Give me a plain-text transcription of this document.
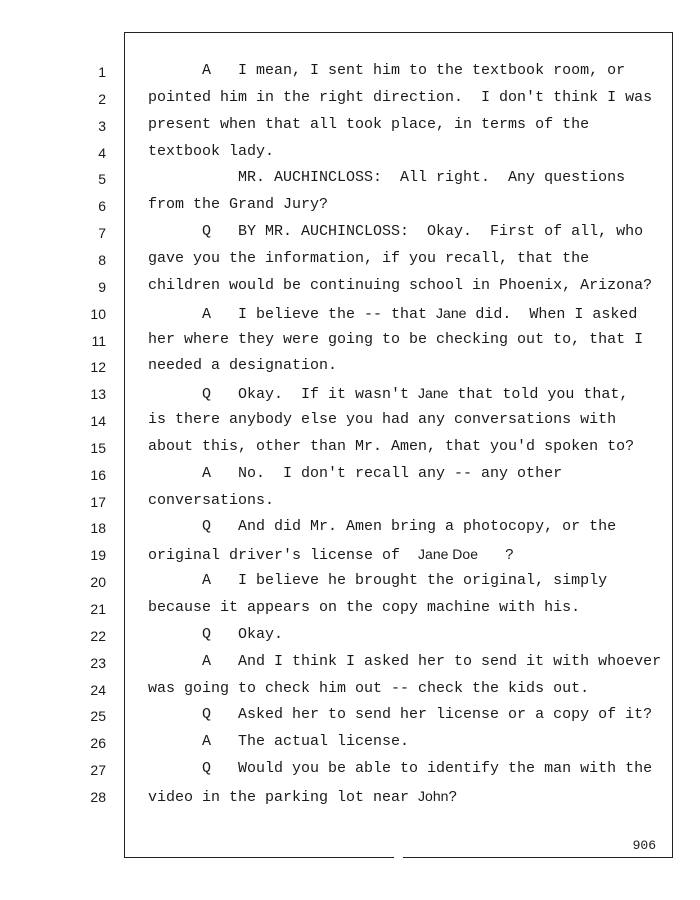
1	A   I mean, I sent him to the textbook room, or
2	pointed him in the right direction.  I don't think I was
3	present when that all took place, in terms of the
4	textbook lady.
5	MR. AUCHINCLOSS:  All right.  Any questions
6	from the Grand Jury?
7	Q   BY MR. AUCHINCLOSS:  Okay.  First of all, who
8	gave you the information, if you recall, that the
9	children would be continuing school in Phoenix, Arizona?
10	A   I believe the -- that Jane did.  When I asked
11	her where they were going to be checking out to, that I
12	needed a designation.
13	Q   Okay.  If it wasn't Jane that told you that,
14	is there anybody else you had any conversations with
15	about this, other than Mr. Amen, that you'd spoken to?
16	A   No.  I don't recall any -- any other
17	conversations.
18	Q   And did Mr. Amen bring a photocopy, or the
19	original driver's license of  Jane Doe   ?
20	A   I believe he brought the original, simply
21	because it appears on the copy machine with his.
22	Q   Okay.
23	A   And I think I asked her to send it with whoever
24	was going to check him out -- check the kids out.
25	Q   Asked her to send her license or a copy of it?
26	A   The actual license.
27	Q   Would you be able to identify the man with the
28	video in the parking lot near John?
906
